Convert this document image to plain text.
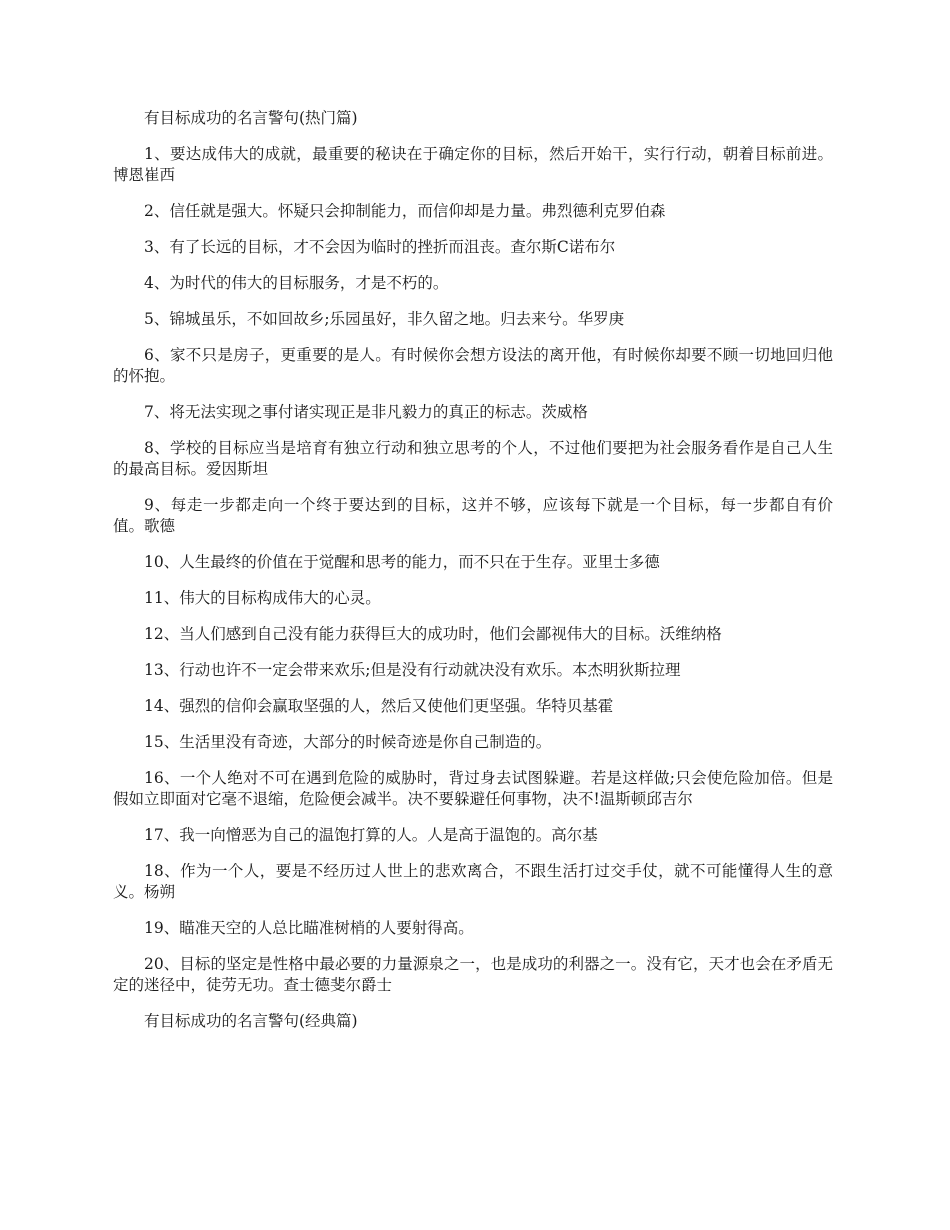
有目标成功的名言警句(热门篇)

1、要达成伟大的成就，最重要的秘诀在于确定你的目标，然后开始干，实行行动，朝着目标前进。博恩崔西

2、信任就是强大。怀疑只会抑制能力，而信仰却是力量。弗烈德利克罗伯森

3、有了长远的目标，才不会因为临时的挫折而沮丧。查尔斯C诺布尔

4、为时代的伟大的目标服务，才是不朽的。

5、锦城虽乐，不如回故乡;乐园虽好，非久留之地。归去来兮。华罗庚

6、家不只是房子，更重要的是人。有时候你会想方设法的离开他，有时候你却要不顾一切地回归他的怀抱。

7、将无法实现之事付诸实现正是非凡毅力的真正的标志。茨威格

8、学校的目标应当是培育有独立行动和独立思考的个人，不过他们要把为社会服务看作是自己人生的最高目标。爱因斯坦

9、每走一步都走向一个终于要达到的目标，这并不够，应该每下就是一个目标，每一步都自有价值。歌德

10、人生最终的价值在于觉醒和思考的能力，而不只在于生存。亚里士多德

11、伟大的目标构成伟大的心灵。

12、当人们感到自己没有能力获得巨大的成功时，他们会鄙视伟大的目标。沃维纳格

13、行动也许不一定会带来欢乐;但是没有行动就决没有欢乐。本杰明狄斯拉理

14、强烈的信仰会赢取坚强的人，然后又使他们更坚强。华特贝基霍

15、生活里没有奇迹，大部分的时候奇迹是你自己制造的。

16、一个人绝对不可在遇到危险的威胁时，背过身去试图躲避。若是这样做;只会使危险加倍。但是假如立即面对它毫不退缩，危险便会减半。决不要躲避任何事物，决不!温斯顿邱吉尔

17、我一向憎恶为自己的温饱打算的人。人是高于温饱的。高尔基

18、作为一个人，要是不经历过人世上的悲欢离合，不跟生活打过交手仗，就不可能懂得人生的意义。杨朔

19、瞄准天空的人总比瞄准树梢的人要射得高。

20、目标的坚定是性格中最必要的力量源泉之一，也是成功的利器之一。没有它，天才也会在矛盾无定的迷径中，徒劳无功。查士德斐尔爵士

有目标成功的名言警句(经典篇)
